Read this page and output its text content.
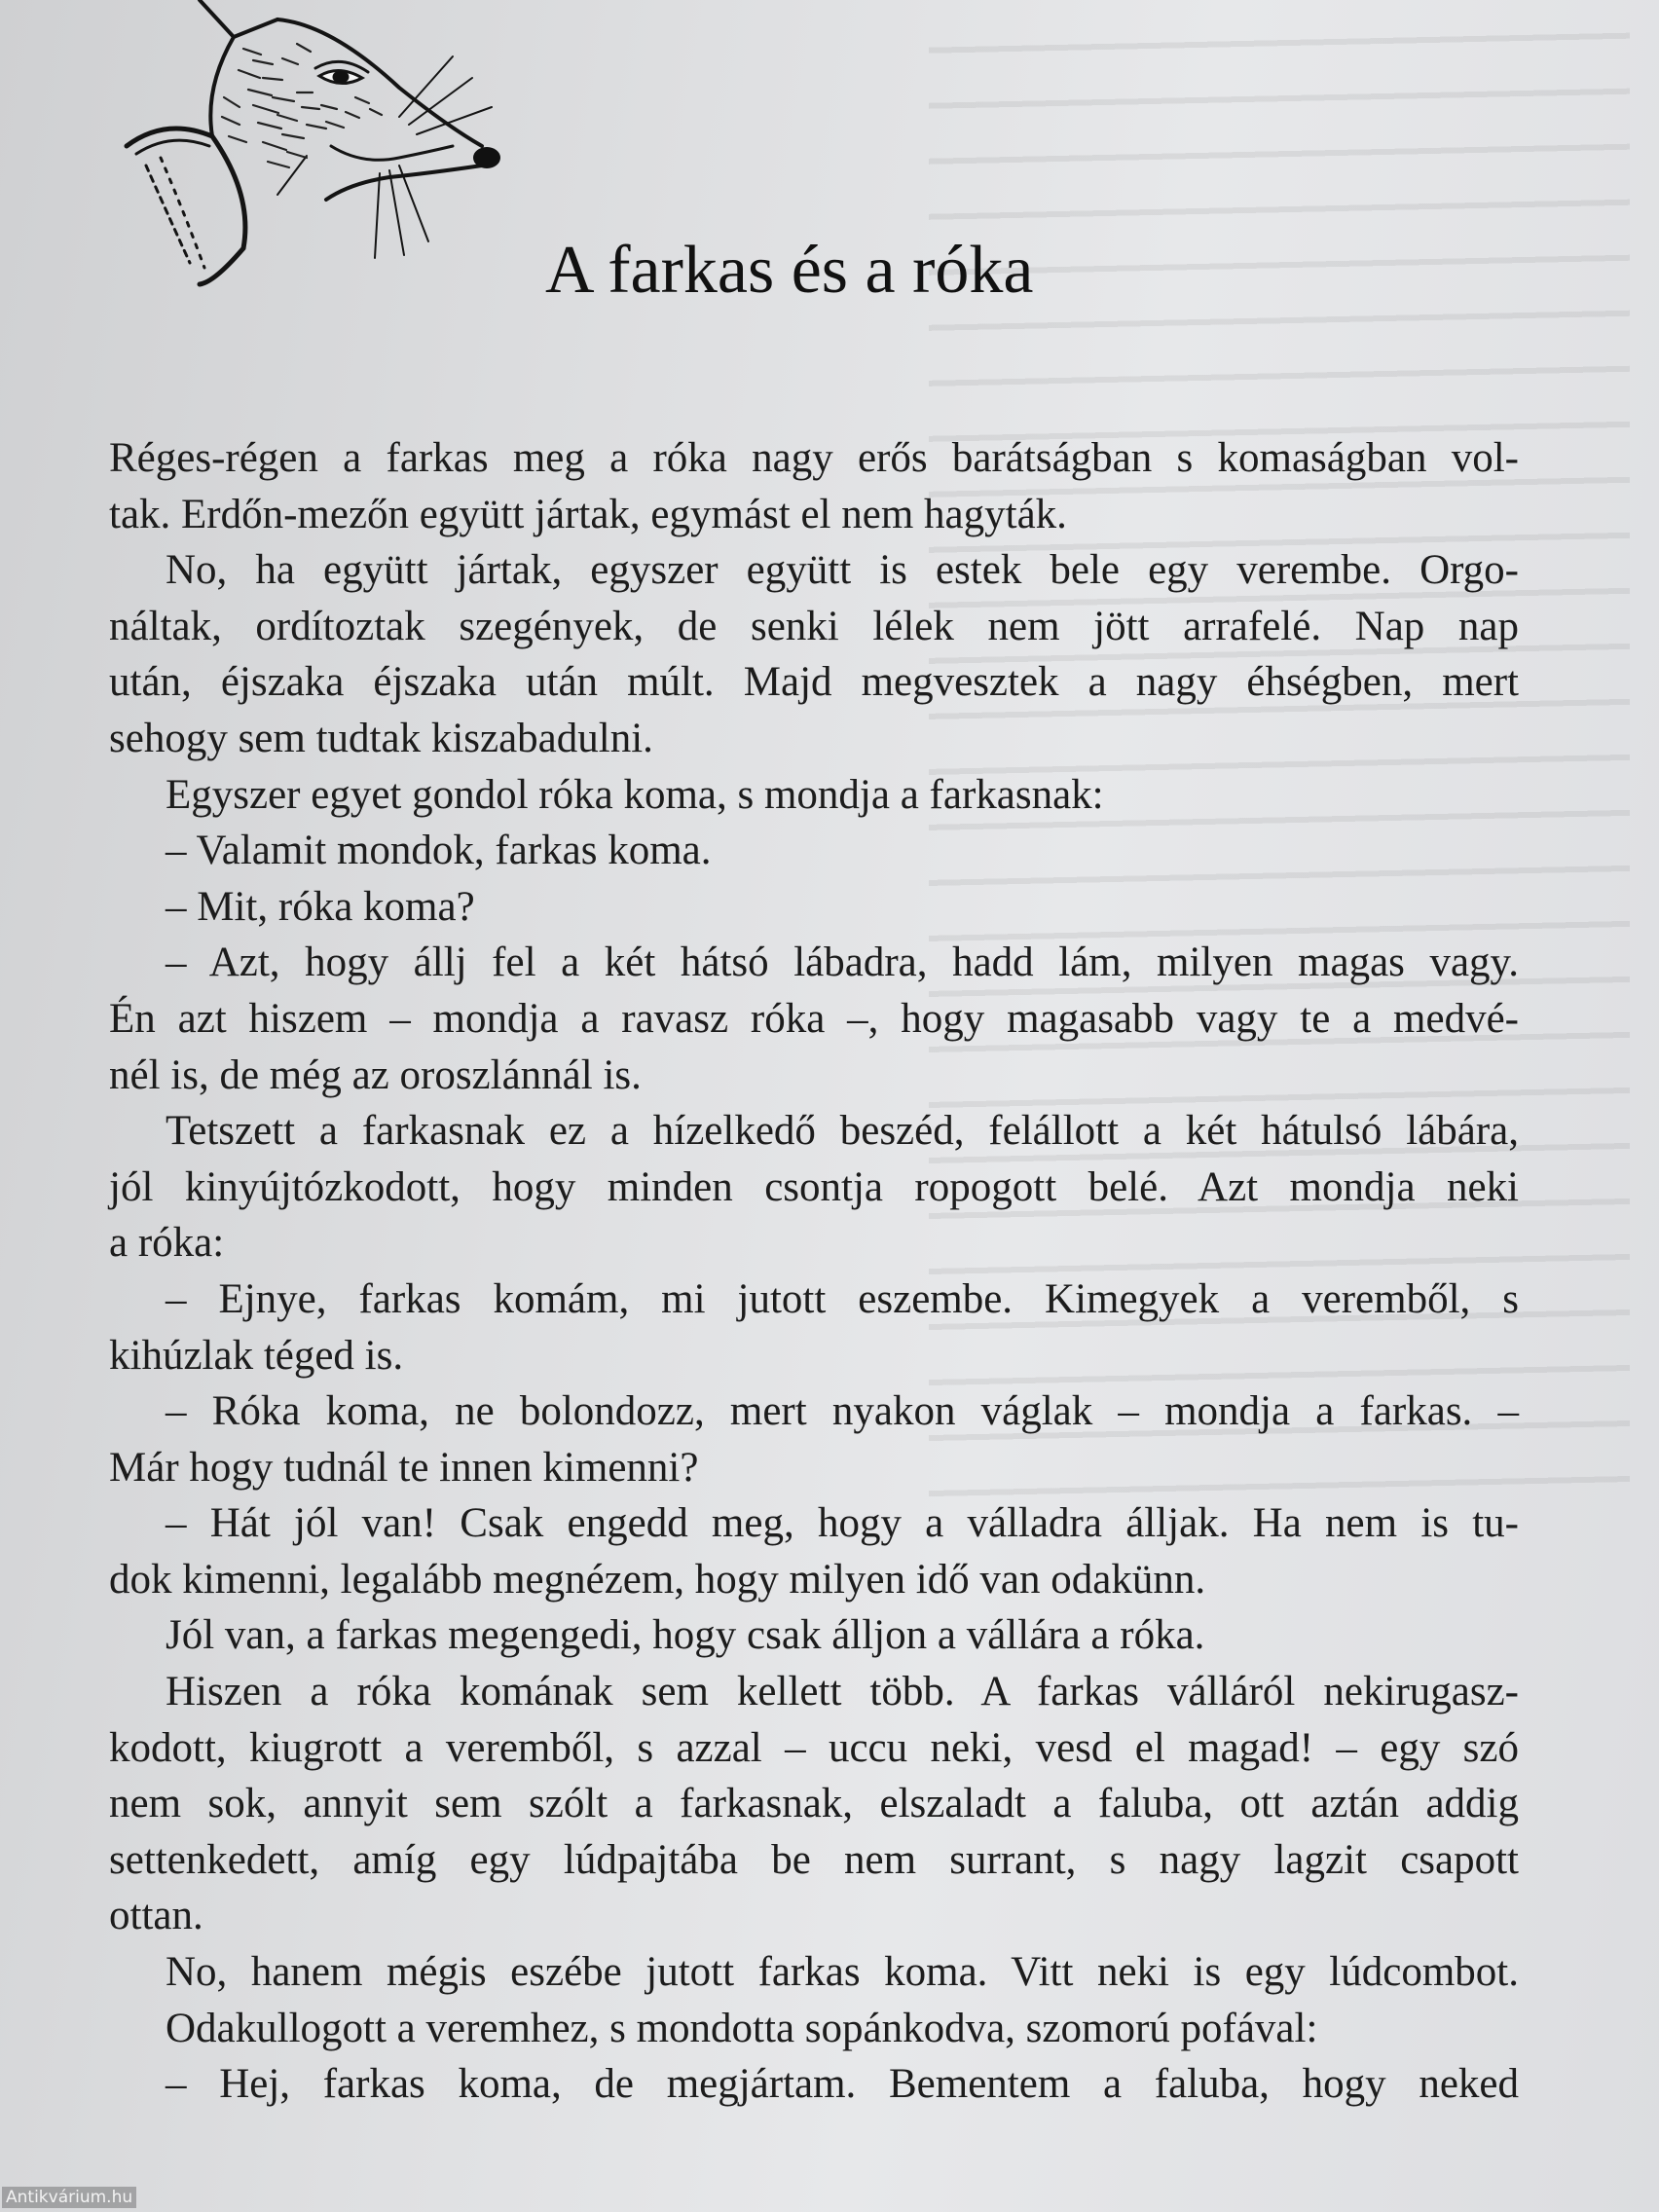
A farkas és a róka
Réges-régen a farkas meg a róka nagy erős barátságban s komaságban vol-
tak. Erdőn-mezőn együtt jártak, egymást el nem hagyták.
No, ha együtt jártak, egyszer együtt is estek bele egy verembe. Orgo-
náltak, ordítoztak szegények, de senki lélek nem jött arrafelé. Nap nap
után, éjszaka éjszaka után múlt. Majd megvesztek a nagy éhségben, mert
sehogy sem tudtak kiszabadulni.
Egyszer egyet gondol róka koma, s mondja a farkasnak:
– Valamit mondok, farkas koma.
– Mit, róka koma?
– Azt, hogy állj fel a két hátsó lábadra, hadd lám, milyen magas vagy.
Én azt hiszem – mondja a ravasz róka –, hogy magasabb vagy te a medvé-
nél is, de még az oroszlánnál is.
Tetszett a farkasnak ez a hízelkedő beszéd, felállott a két hátulsó lábára,
jól kinyújtózkodott, hogy minden csontja ropogott belé. Azt mondja neki
a róka:
– Ejnye, farkas komám, mi jutott eszembe. Kimegyek a veremből, s
kihúzlak téged is.
– Róka koma, ne bolondozz, mert nyakon váglak – mondja a farkas. –
Már hogy tudnál te innen kimenni?
– Hát jól van! Csak engedd meg, hogy a válladra álljak. Ha nem is tu-
dok kimenni, legalább megnézem, hogy milyen idő van odakünn.
Jól van, a farkas megengedi, hogy csak álljon a vállára a róka.
Hiszen a róka komának sem kellett több. A farkas válláról nekirugasz-
kodott, kiugrott a veremből, s azzal – uccu neki, vesd el magad! – egy szó
nem sok, annyit sem szólt a farkasnak, elszaladt a faluba, ott aztán addig
settenkedett, amíg egy lúdpajtába be nem surrant, s nagy lagzit csapott
ottan.
No, hanem mégis eszébe jutott farkas koma. Vitt neki is egy lúdcombot.
Odakullogott a veremhez, s mondotta sopánkodva, szomorú pofával:
– Hej, farkas koma, de megjártam. Bementem a faluba, hogy neked
Antikvárium.hu
